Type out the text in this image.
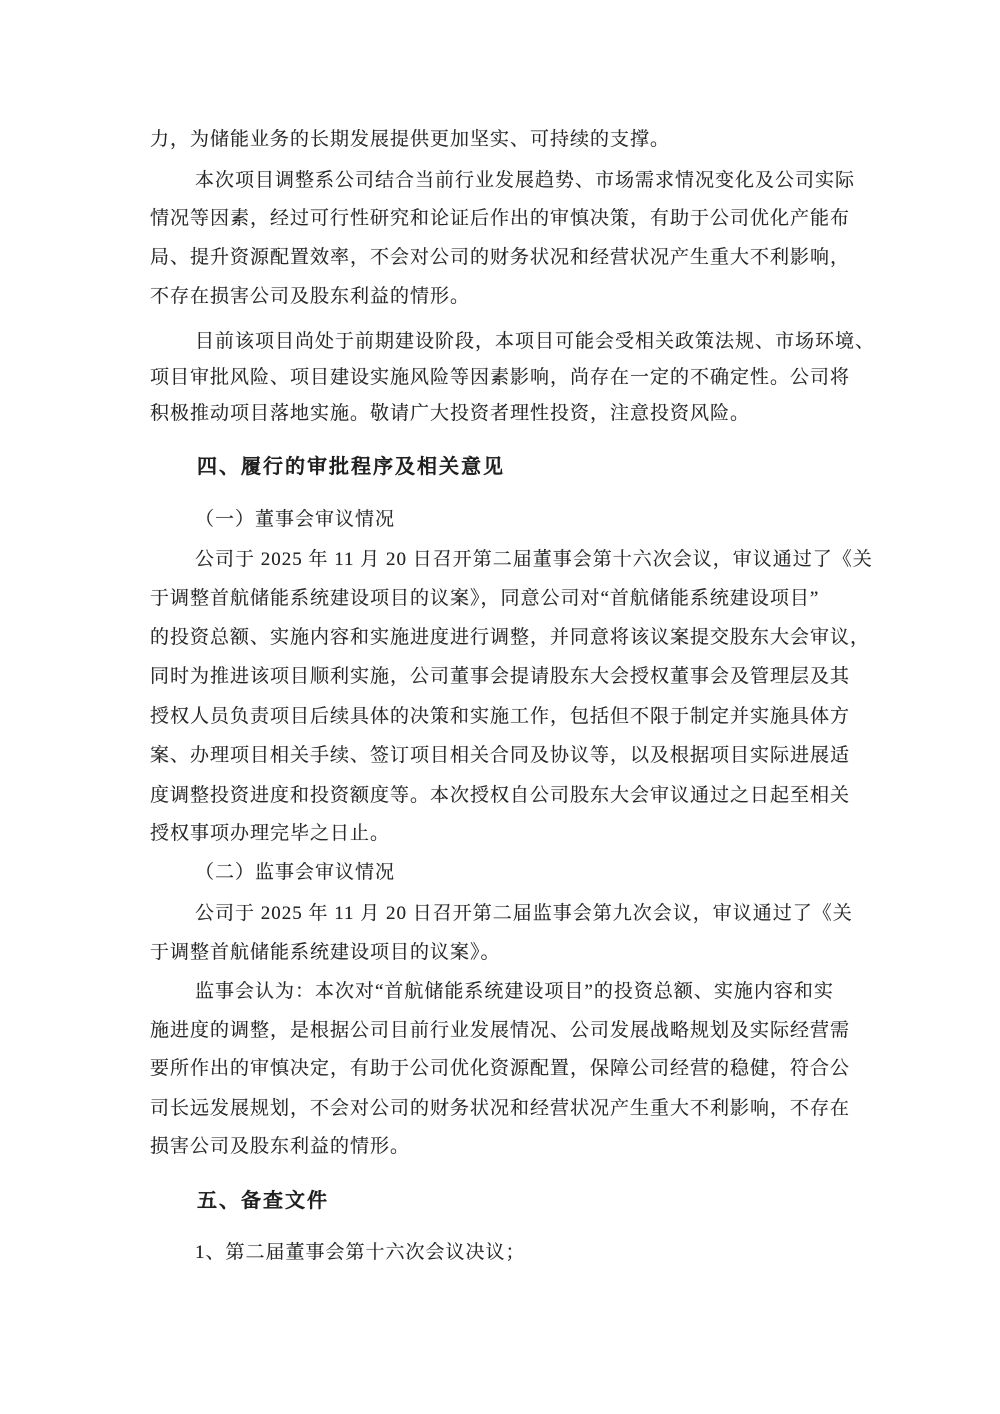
力，为储能业务的长期发展提供更加坚实、可持续的支撑。
本次项目调整系公司结合当前行业发展趋势、市场需求情况变化及公司实际
情况等因素，经过可行性研究和论证后作出的审慎决策，有助于公司优化产能布
局、提升资源配置效率，不会对公司的财务状况和经营状况产生重大不利影响，
不存在损害公司及股东利益的情形。
目前该项目尚处于前期建设阶段，本项目可能会受相关政策法规、市场环境、
项目审批风险、项目建设实施风险等因素影响，尚存在一定的不确定性。公司将
积极推动项目落地实施。敬请广大投资者理性投资，注意投资风险。
四、履行的审批程序及相关意见
（一）董事会审议情况
公司于 2025 年 11 月 20 日召开第二届董事会第十六次会议，审议通过了《关
于调整首航储能系统建设项目的议案》，同意公司对“首航储能系统建设项目”
的投资总额、实施内容和实施进度进行调整，并同意将该议案提交股东大会审议，
同时为推进该项目顺利实施，公司董事会提请股东大会授权董事会及管理层及其
授权人员负责项目后续具体的决策和实施工作，包括但不限于制定并实施具体方
案、办理项目相关手续、签订项目相关合同及协议等，以及根据项目实际进展适
度调整投资进度和投资额度等。本次授权自公司股东大会审议通过之日起至相关
授权事项办理完毕之日止。
（二）监事会审议情况
公司于 2025 年 11 月 20 日召开第二届监事会第九次会议，审议通过了《关
于调整首航储能系统建设项目的议案》。
监事会认为：本次对“首航储能系统建设项目”的投资总额、实施内容和实
施进度的调整，是根据公司目前行业发展情况、公司发展战略规划及实际经营需
要所作出的审慎决定，有助于公司优化资源配置，保障公司经营的稳健，符合公
司长远发展规划，不会对公司的财务状况和经营状况产生重大不利影响，不存在
损害公司及股东利益的情形。
五、备查文件
1、第二届董事会第十六次会议决议；
